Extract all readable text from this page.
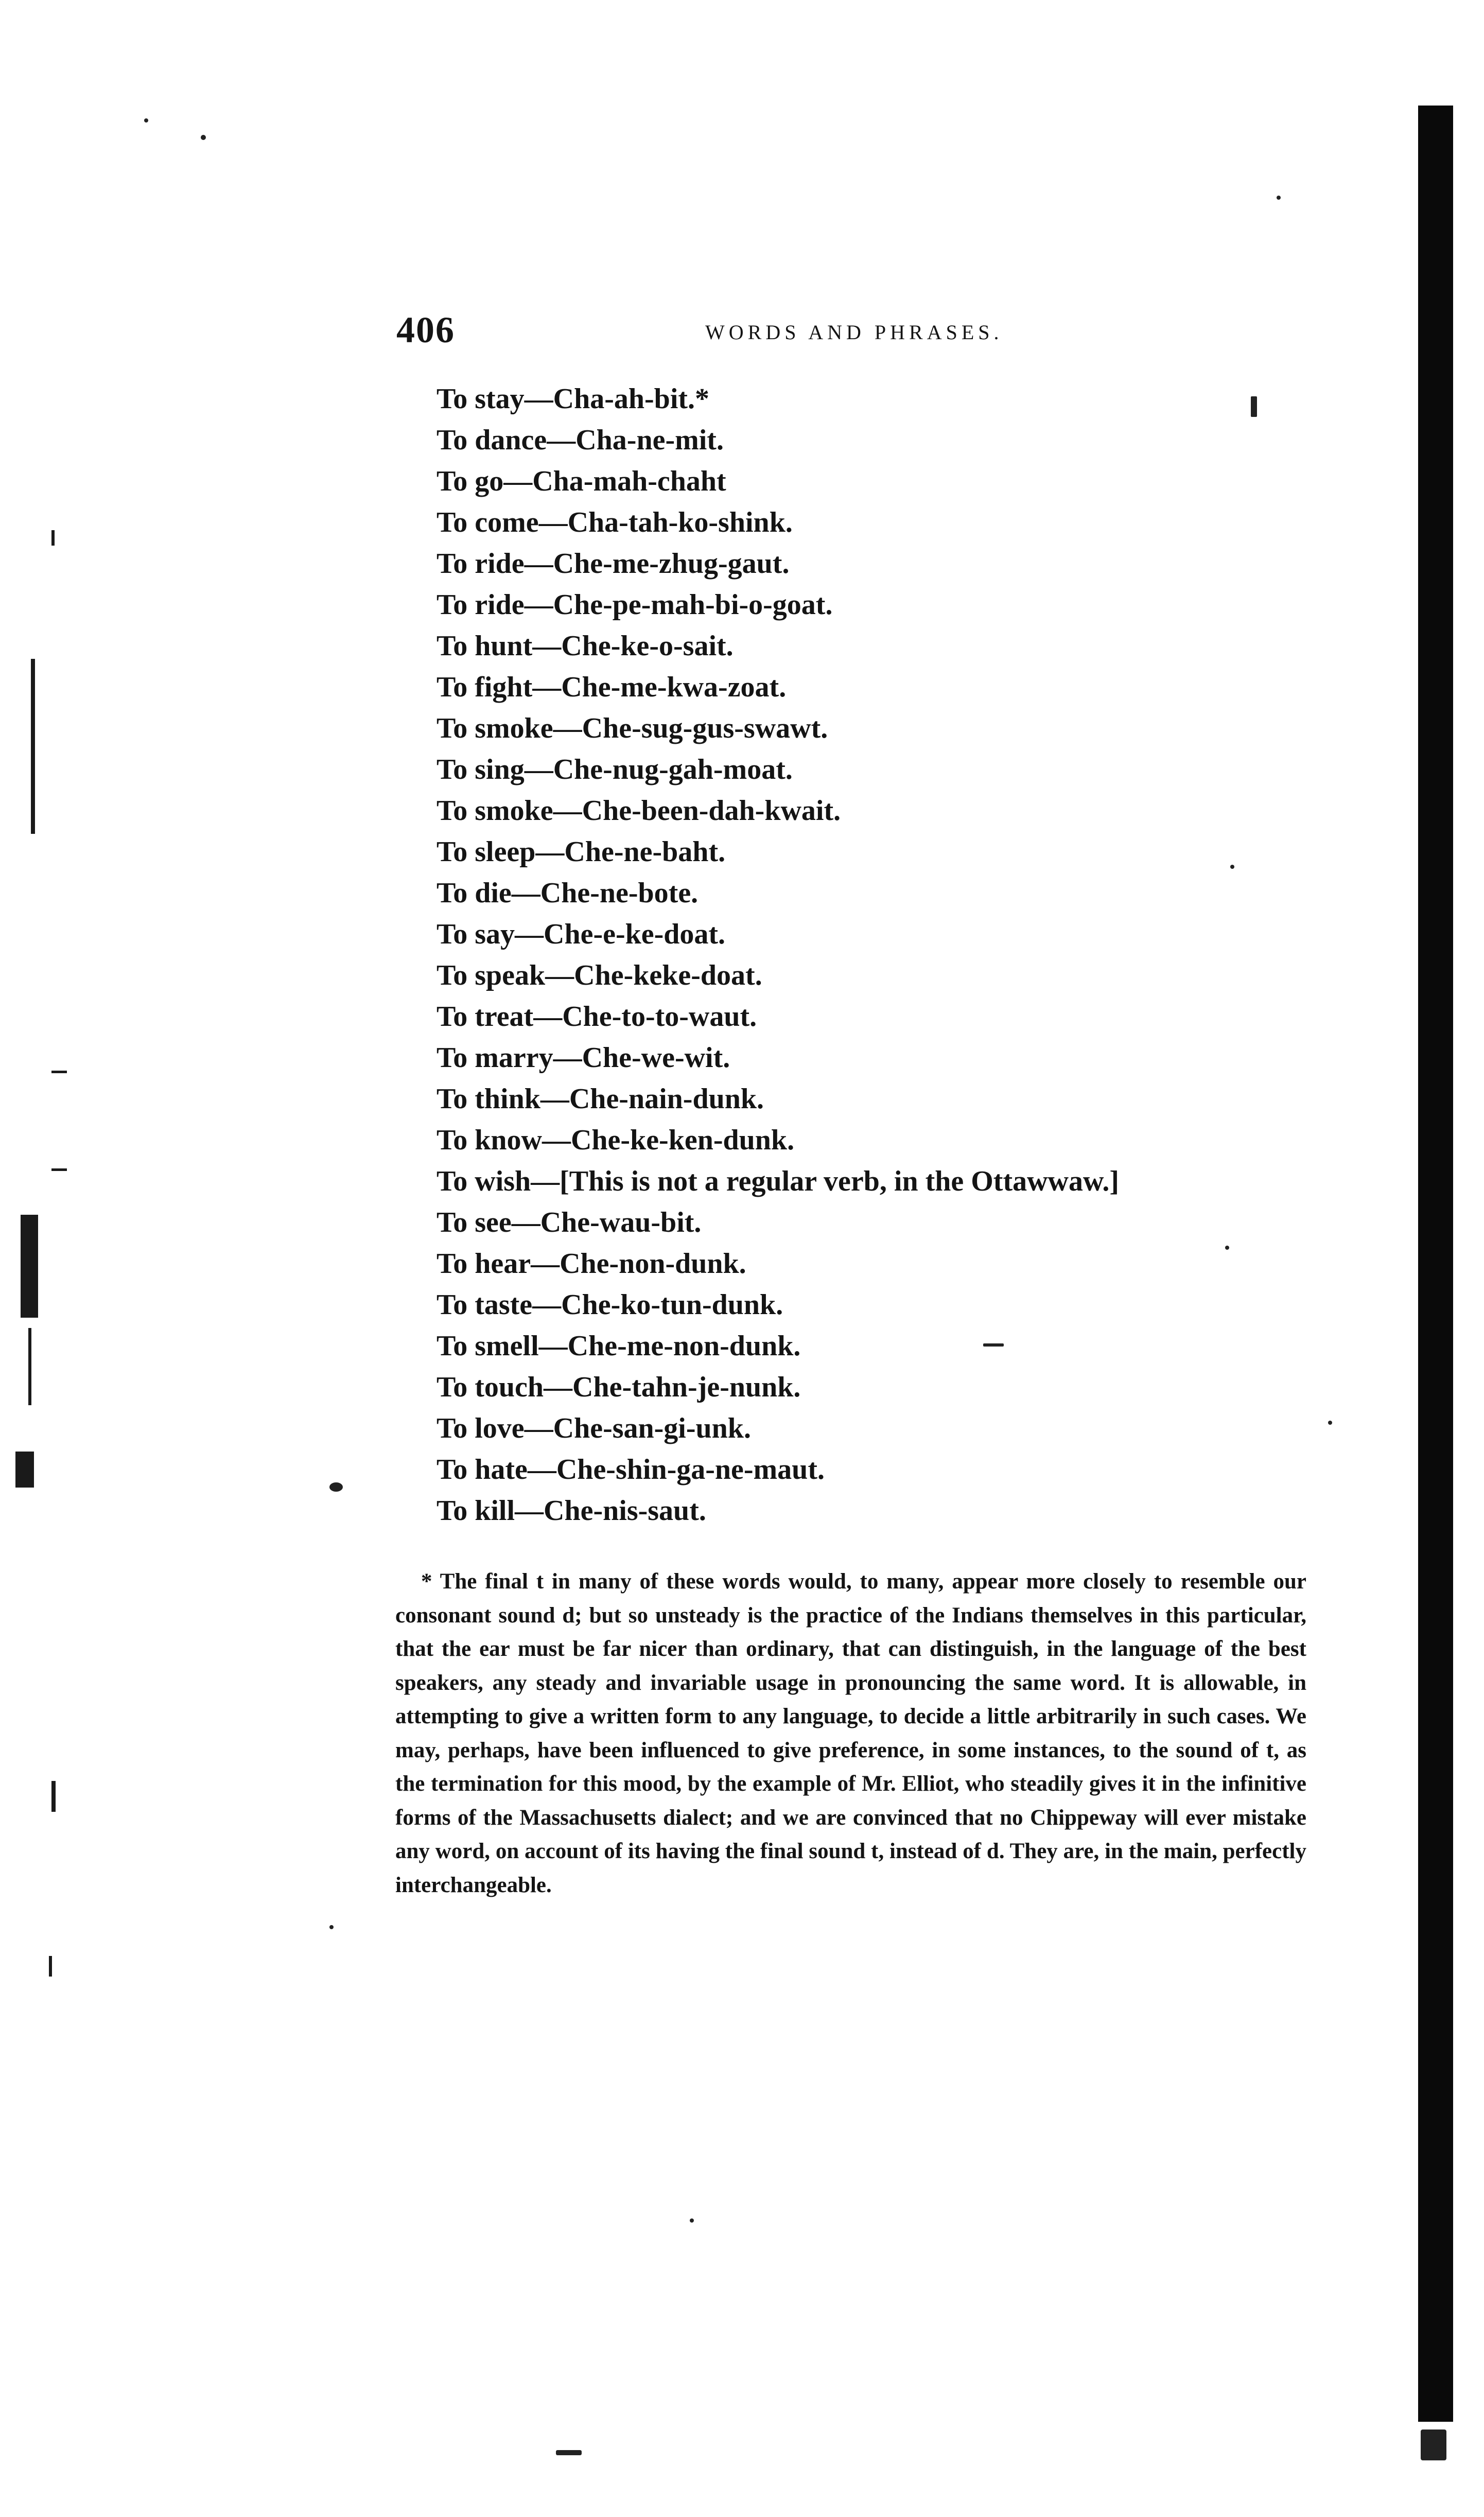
406	WORDS AND PHRASES.
To stay—Cha-ah-bit.*
To dance—Cha-ne-mit.
To go—Cha-mah-chaht
To come—Cha-tah-ko-shink.
To ride—Che-me-zhug-gaut.
To ride—Che-pe-mah-bi-o-goat.
To hunt—Che-ke-o-sait.
To fight—Che-me-kwa-zoat.
To smoke—Che-sug-gus-swawt.
To sing—Che-nug-gah-moat.
To smoke—Che-been-dah-kwait.
To sleep—Che-ne-baht.
To die—Che-ne-bote.
To say—Che-e-ke-doat.
To speak—Che-keke-doat.
To treat—Che-to-to-waut.
To marry—Che-we-wit.
To think—Che-nain-dunk.
To know—Che-ke-ken-dunk.
To wish—[This is not a regular verb, in the Ottawwaw.]
To see—Che-wau-bit.
To hear—Che-non-dunk.
To taste—Che-ko-tun-dunk.
To smell—Che-me-non-dunk.
To touch—Che-tahn-je-nunk.
To love—Che-san-gi-unk.
To hate—Che-shin-ga-ne-maut.
To kill—Che-nis-saut.
* The final t in many of these words would, to many, appear more closely to resemble our consonant sound d; but so unsteady is the practice of the Indians themselves in this particular, that the ear must be far nicer than ordinary, that can distinguish, in the language of the best speakers, any steady and invariable usage in pronouncing the same word. It is allowable, in attempting to give a written form to any language, to decide a little arbitrarily in such cases. We may, perhaps, have been influenced to give preference, in some instances, to the sound of t, as the termination for this mood, by the example of Mr. Elliot, who steadily gives it in the infinitive forms of the Massachusetts dialect; and we are convinced that no Chippeway will ever mistake any word, on account of its having the final sound t, instead of d. They are, in the main, perfectly interchangeable.
